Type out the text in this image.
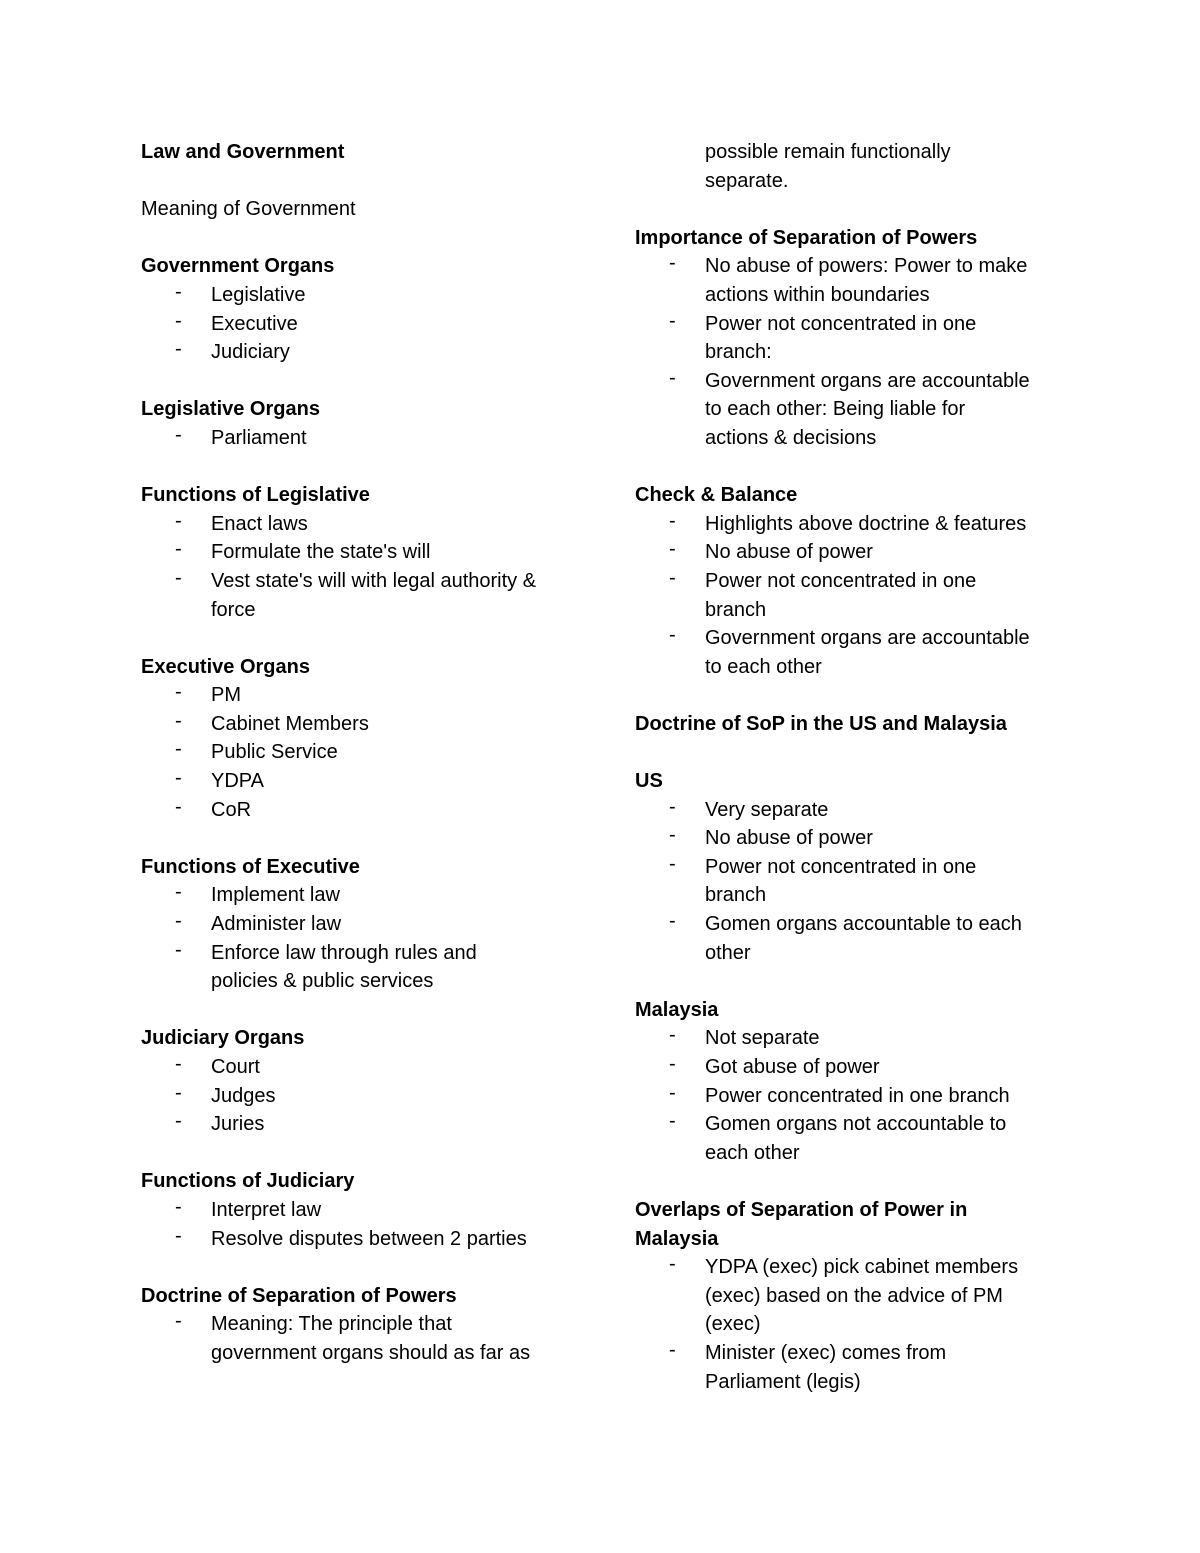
Law and Government
Meaning of Government
Government Organs
- Legislative
- Executive
- Judiciary
Legislative Organs
- Parliament
Functions of Legislative
- Enact laws
- Formulate the state's will
- Vest state's will with legal authority &
force
Executive Organs
- PM
- Cabinet Members
- Public Service
- YDPA
- CoR
Functions of Executive
- Implement law
- Administer law
- Enforce law through rules and
policies & public services
Judiciary Organs
- Court
- Judges
- Juries
Functions of Judiciary
- Interpret law
- Resolve disputes between 2 parties
Doctrine of Separation of Powers
- Meaning: The principle that
government organs should as far as
possible remain functionally
separate.
Importance of Separation of Powers
- No abuse of powers: Power to make
actions within boundaries
- Power not concentrated in one
branch:
- Government organs are accountable
to each other: Being liable for
actions & decisions
Check & Balance
- Highlights above doctrine & features
- No abuse of power
- Power not concentrated in one
branch
- Government organs are accountable
to each other
Doctrine of SoP in the US and Malaysia
US
- Very separate
- No abuse of power
- Power not concentrated in one
branch
- Gomen organs accountable to each
other
Malaysia
- Not separate
- Got abuse of power
- Power concentrated in one branch
- Gomen organs not accountable to
each other
Overlaps of Separation of Power in
Malaysia
- YDPA (exec) pick cabinet members
(exec) based on the advice of PM
(exec)
- Minister (exec) comes from
Parliament (legis)
